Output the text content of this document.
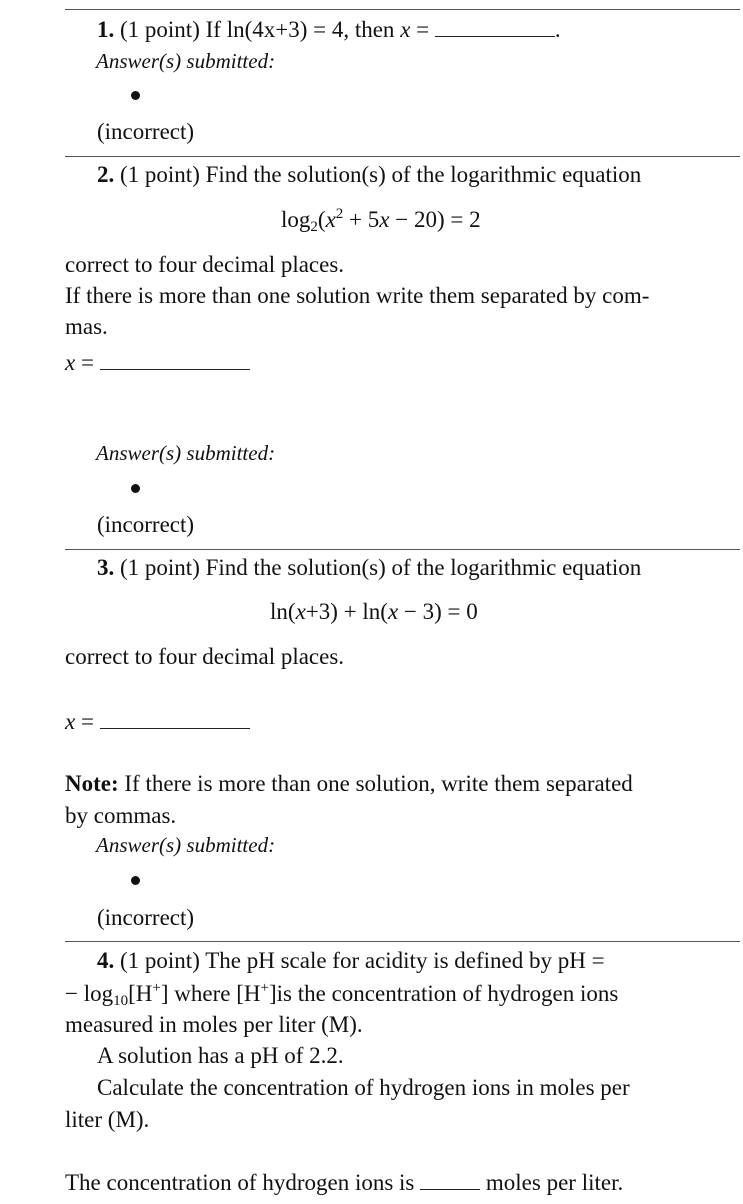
1. (1 point) If ln(4x+3) = 4, then x =	.
Answer(s) submitted:
(incorrect)
2. (1 point) Find the solution(s) of the logarithmic equation
$\log_2(x^2 + 5x - 20) = 2$
correct to four decimal places.
If there is more than one solution write them separated by com-
mas.
x =
Answer(s) submitted:
(incorrect)
3. (1 point) Find the solution(s) of the logarithmic equation
ln(x+3) + ln(x − 3) = 0
correct to four decimal places.
x =
Note: If there is more than one solution, write them separated
by commas.
Answer(s) submitted:
(incorrect)
4. (1 point) The pH scale for acidity is defined by pH =
− $\log_{10}[H^+]$ where [H+]is the concentration of hydrogen ions
measured in moles per liter (M).
A solution has a pH of 2.2.
Calculate the concentration of hydrogen ions in moles per
liter (M).
The concentration of hydrogen ions is	moles per liter.
